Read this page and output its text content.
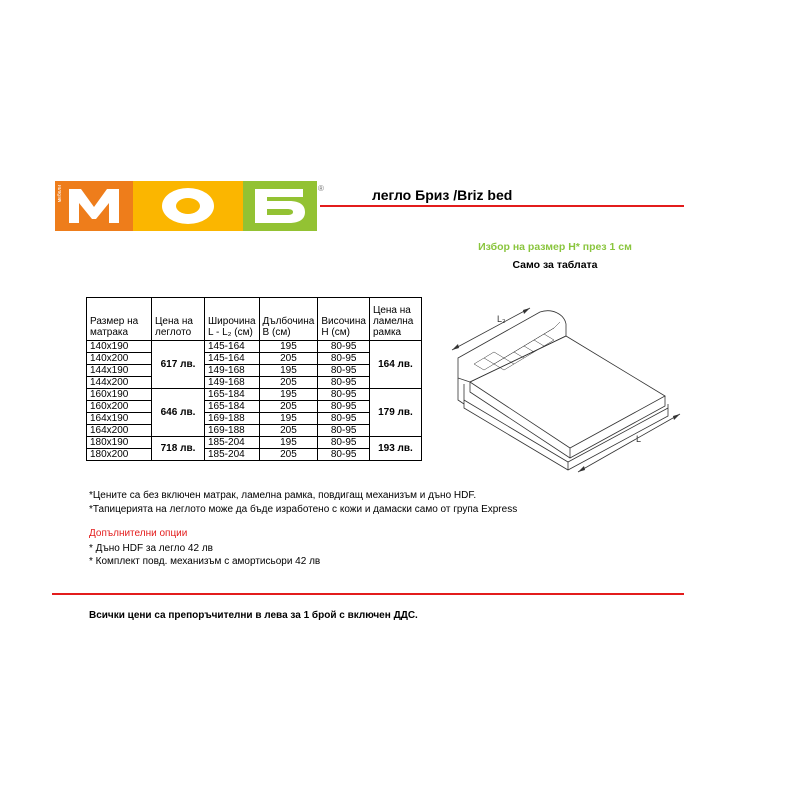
мебели	®	легло Бриз /Briz bed
Избор на размер H* през 1 см
Само за таблата
Размер на матрака	Цена на леглото	Широчина L - L₂ (см)	Дълбочина B (см)	Височина H (см)	Цена на ламелна рамка
140x190	617 лв.	145-164	195	80-95	164 лв.
140x200		145-164	205	80-95	
144x190		149-168	195	80-95	
144x200		149-168	205	80-95	
160x190	646 лв.	165-184	195	80-95	179 лв.
160x200		165-184	205	80-95	
164x190		169-188	195	80-95	
164x200		169-188	205	80-95	
180x190	718 лв.	185-204	195	80-95	193 лв.
180x200		185-204	205	80-95	
L₂
L
*Цените са без включен матрак, ламелна рамка, повдигащ механизъм и дъно HDF.
*Тапицерията на леглото може да бъде изработено с кожи и дамаски само от група Express
Допълнителни опции
* Дъно HDF за легло 42 лв
* Комплект повд. механизъм с амортисьори 42 лв
Всички цени са препоръчителни в лева за 1 брой с включен ДДС.
